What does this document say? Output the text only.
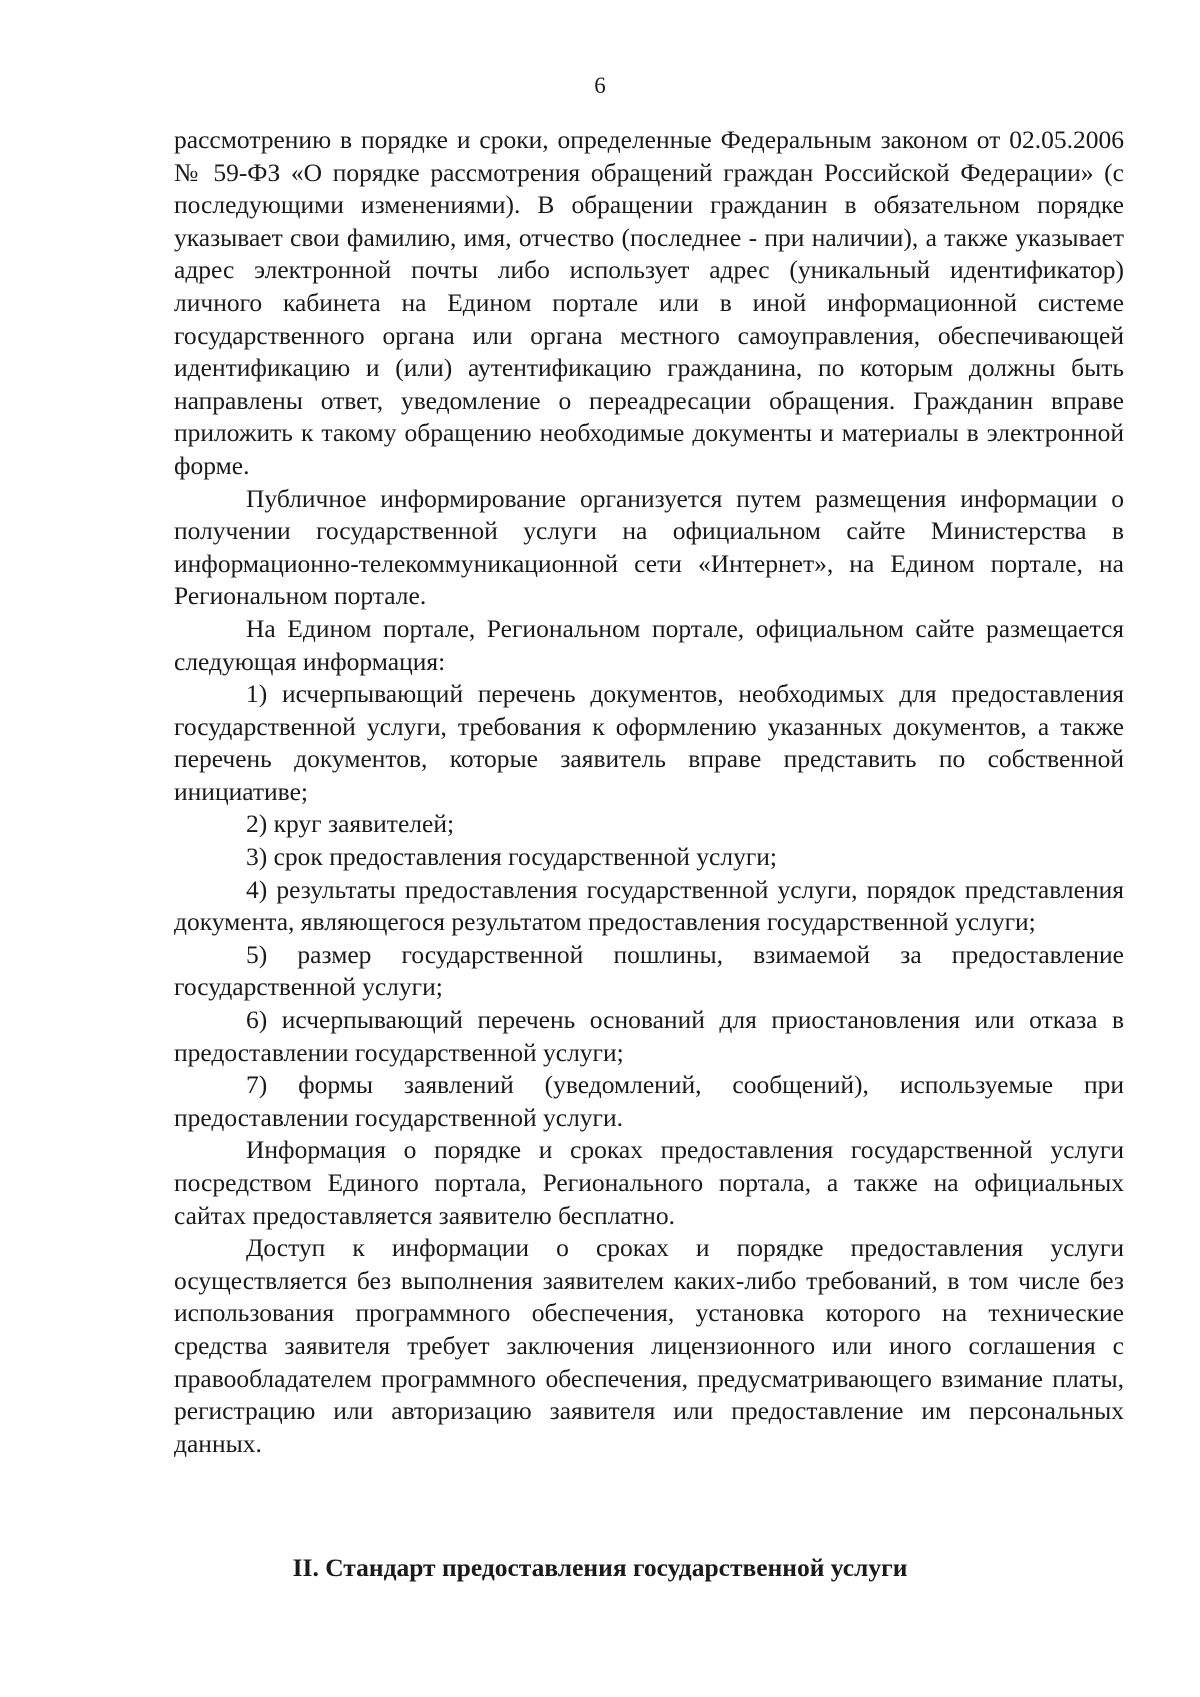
6

рассмотрению в порядке и сроки, определенные Федеральным законом от 02.05.2006 № 59-ФЗ «О порядке рассмотрения обращений граждан Российской Федерации» (с последующими изменениями). В обращении гражданин в обязательном порядке указывает свои фамилию, имя, отчество (последнее - при наличии), а также указывает адрес электронной почты либо использует адрес (уникальный идентификатор) личного кабинета на Едином портале или в иной информационной системе государственного органа или органа местного самоуправления, обеспечивающей идентификацию и (или) аутентификацию гражданина, по которым должны быть направлены ответ, уведомление о переадресации обращения. Гражданин вправе приложить к такому обращению необходимые документы и материалы в электронной форме.

Публичное информирование организуется путем размещения информации о получении государственной услуги на официальном сайте Министерства в информационно-телекоммуникационной сети «Интернет», на Едином портале, на Региональном портале.

На Едином портале, Региональном портале, официальном сайте размещается следующая информация:

1) исчерпывающий перечень документов, необходимых для предоставления государственной услуги, требования к оформлению указанных документов, а также перечень документов, которые заявитель вправе представить по собственной инициативе;

2) круг заявителей;

3) срок предоставления государственной услуги;

4) результаты предоставления государственной услуги, порядок представления документа, являющегося результатом предоставления государственной услуги;

5) размер государственной пошлины, взимаемой за предоставление государственной услуги;

6) исчерпывающий перечень оснований для приостановления или отказа в предоставлении государственной услуги;

7) формы заявлений (уведомлений, сообщений), используемые при предоставлении государственной услуги.

Информация о порядке и сроках предоставления государственной услуги посредством Единого портала, Регионального портала, а также на официальных сайтах предоставляется заявителю бесплатно.

Доступ к информации о сроках и порядке предоставления услуги осуществляется без выполнения заявителем каких-либо требований, в том числе без использования программного обеспечения, установка которого на технические средства заявителя требует заключения лицензионного или иного соглашения с правообладателем программного обеспечения, предусматривающего взимание платы, регистрацию или авторизацию заявителя или предоставление им персональных данных.

II. Стандарт предоставления государственной услуги
